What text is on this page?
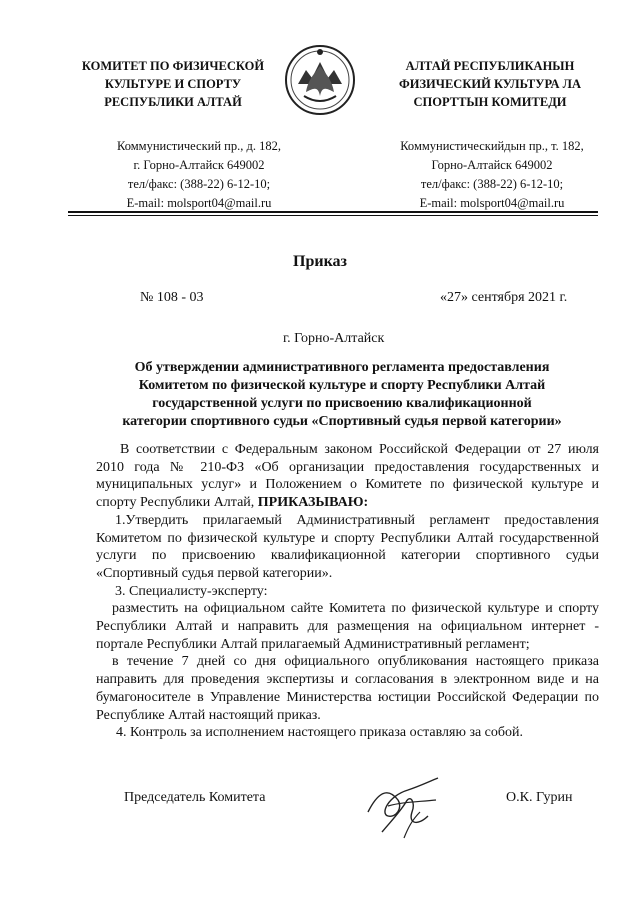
КОМИТЕТ ПО ФИЗИЧЕСКОЙ
КУЛЬТУРЕ И СПОРТУ
РЕСПУБЛИКИ АЛТАЙ
АЛТАЙ РЕСПУБЛИКАНЫН
ФИЗИЧЕСКИЙ КУЛЬТУРА ЛА
СПОРТТЫН КОМИТЕДИ
Коммунистический пр., д. 182,
г. Горно-Алтайск 649002
тел/факс: (388-22) 6-12-10;
E-mail: molsport04@mail.ru
Коммунистическийдын пр., т. 182,
Горно-Алтайск 649002
тел/факс: (388-22) 6-12-10;
E-mail: molsport04@mail.ru
Приказ
№ 108 - 03	«27» сентября 2021 г.
г. Горно-Алтайск
Об утверждении административного регламента предоставления
Комитетом по физической культуре и спорту Республики Алтай
государственной услуги по присвоению квалификационной
категории спортивного судьи «Спортивный судья первой категории»

В соответствии с Федеральным законом Российской Федерации от 27 июля 2010 года № 210-ФЗ «Об организации предоставления государственных и муниципальных услуг» и Положением о Комитете по физической культуре и спорту Республики Алтай, ПРИКАЗЫВАЮ:

1.Утвердить прилагаемый Административный регламент предоставления Комитетом по физической культуре и спорту Республики Алтай государственной услуги по присвоению квалификационной категории спортивного судьи «Спортивный судья первой категории».

3. Специалисту-эксперту:

разместить на официальном сайте Комитета по физической культуре и спорту Республики Алтай и направить для размещения на официальном интернет - портале Республики Алтай прилагаемый Административный регламент;

в течение 7 дней со дня официального опубликования настоящего приказа направить для проведения экспертизы и согласования в электронном виде и на бумагоносителе в Управление Министерства юстиции Российской Федерации по Республике Алтай настоящий приказ.

4. Контроль за исполнением настоящего приказа оставляю за собой.

Председатель Комитета	О.К. Гурин
